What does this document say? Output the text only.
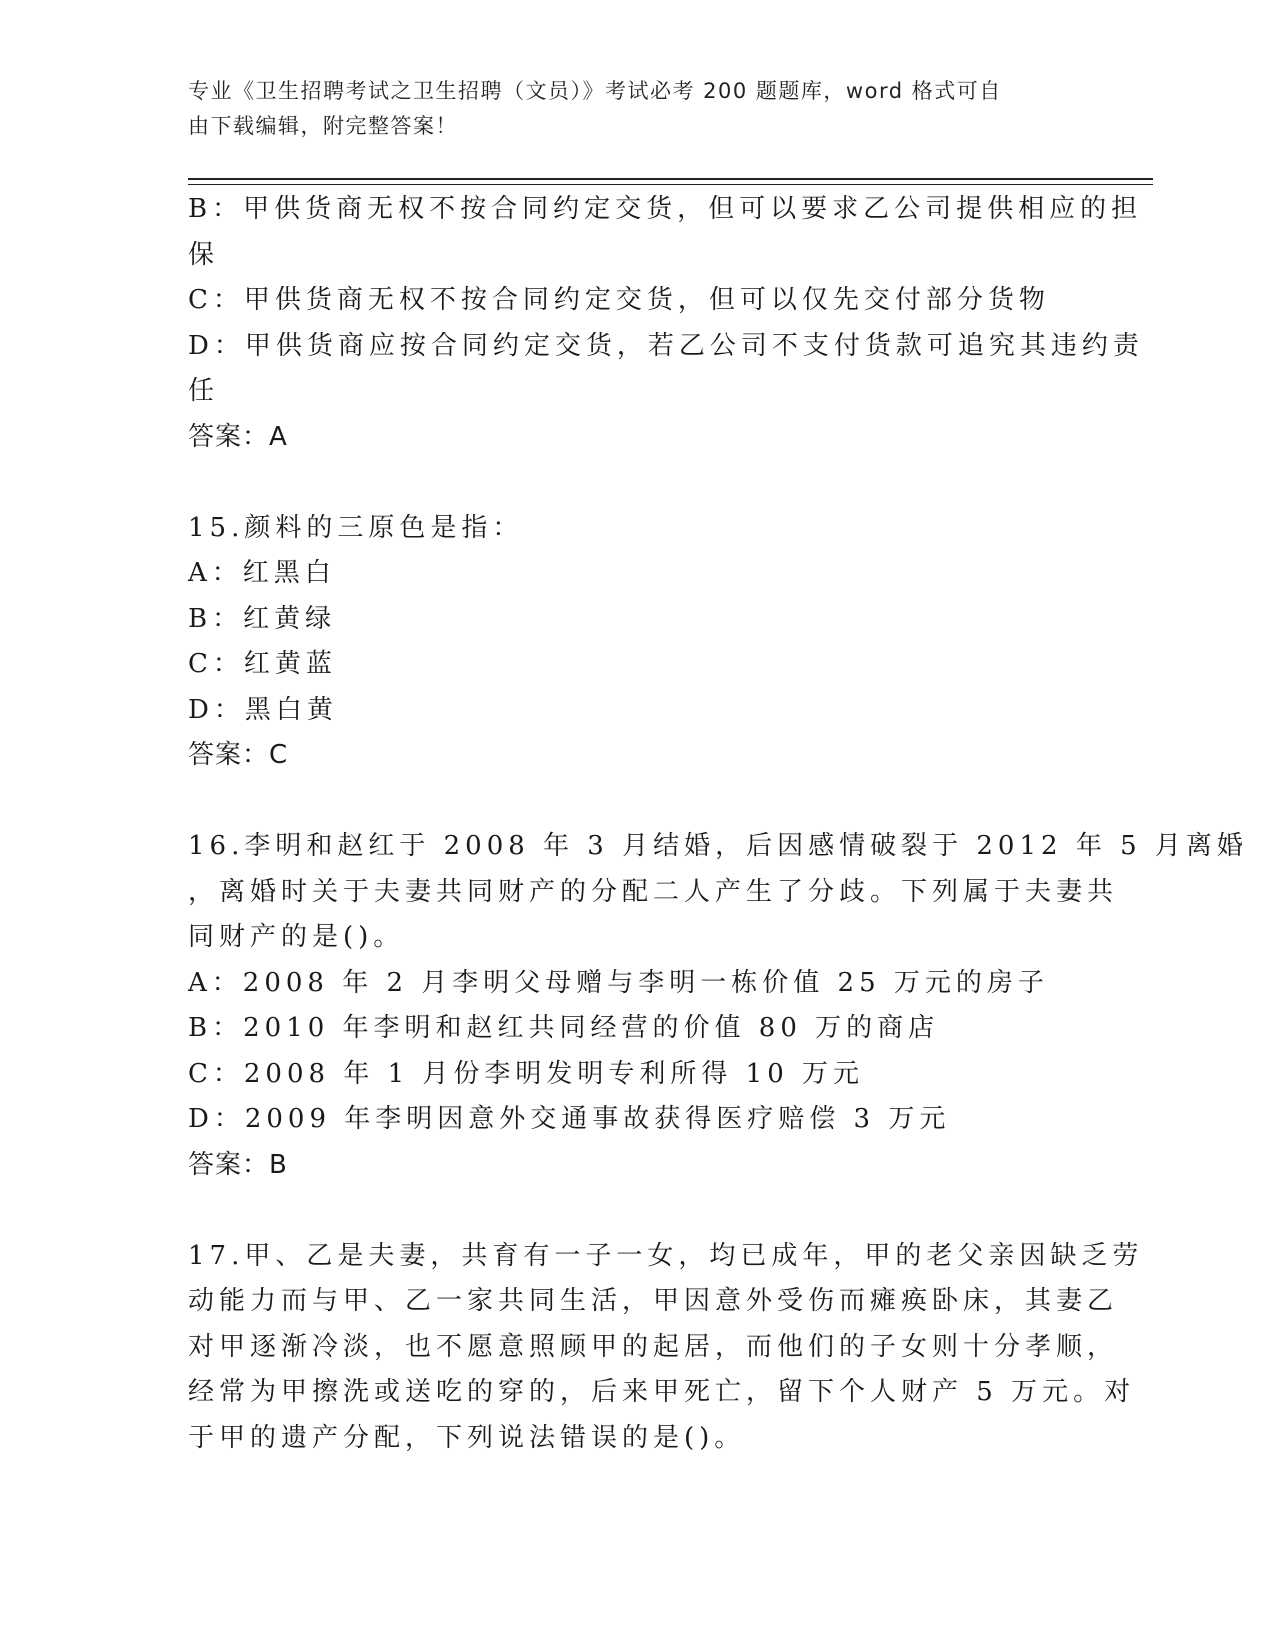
专业《卫生招聘考试之卫生招聘（文员）》考试必考 200 题题库，word 格式可自
由下载编辑，附完整答案！
B：甲供货商无权不按合同约定交货，但可以要求乙公司提供相应的担
保
C：甲供货商无权不按合同约定交货，但可以仅先交付部分货物
D：甲供货商应按合同约定交货，若乙公司不支付货款可追究其违约责
任
答案：A
15.颜料的三原色是指：
A：红黑白
B：红黄绿
C：红黄蓝
D：黑白黄
答案：C
16.李明和赵红于 2008 年 3 月结婚，后因感情破裂于 2012 年 5 月离婚
，离婚时关于夫妻共同财产的分配二人产生了分歧。下列属于夫妻共
同财产的是()。
A：2008 年 2 月李明父母赠与李明一栋价值 25 万元的房子
B：2010 年李明和赵红共同经营的价值 80 万的商店
C：2008 年 1 月份李明发明专利所得 10 万元
D：2009 年李明因意外交通事故获得医疗赔偿 3 万元
答案：B
17.甲、乙是夫妻，共育有一子一女，均已成年，甲的老父亲因缺乏劳
动能力而与甲、乙一家共同生活，甲因意外受伤而瘫痪卧床，其妻乙
对甲逐渐冷淡，也不愿意照顾甲的起居，而他们的子女则十分孝顺，
经常为甲擦洗或送吃的穿的，后来甲死亡，留下个人财产 5 万元。对
于甲的遗产分配，下列说法错误的是()。
